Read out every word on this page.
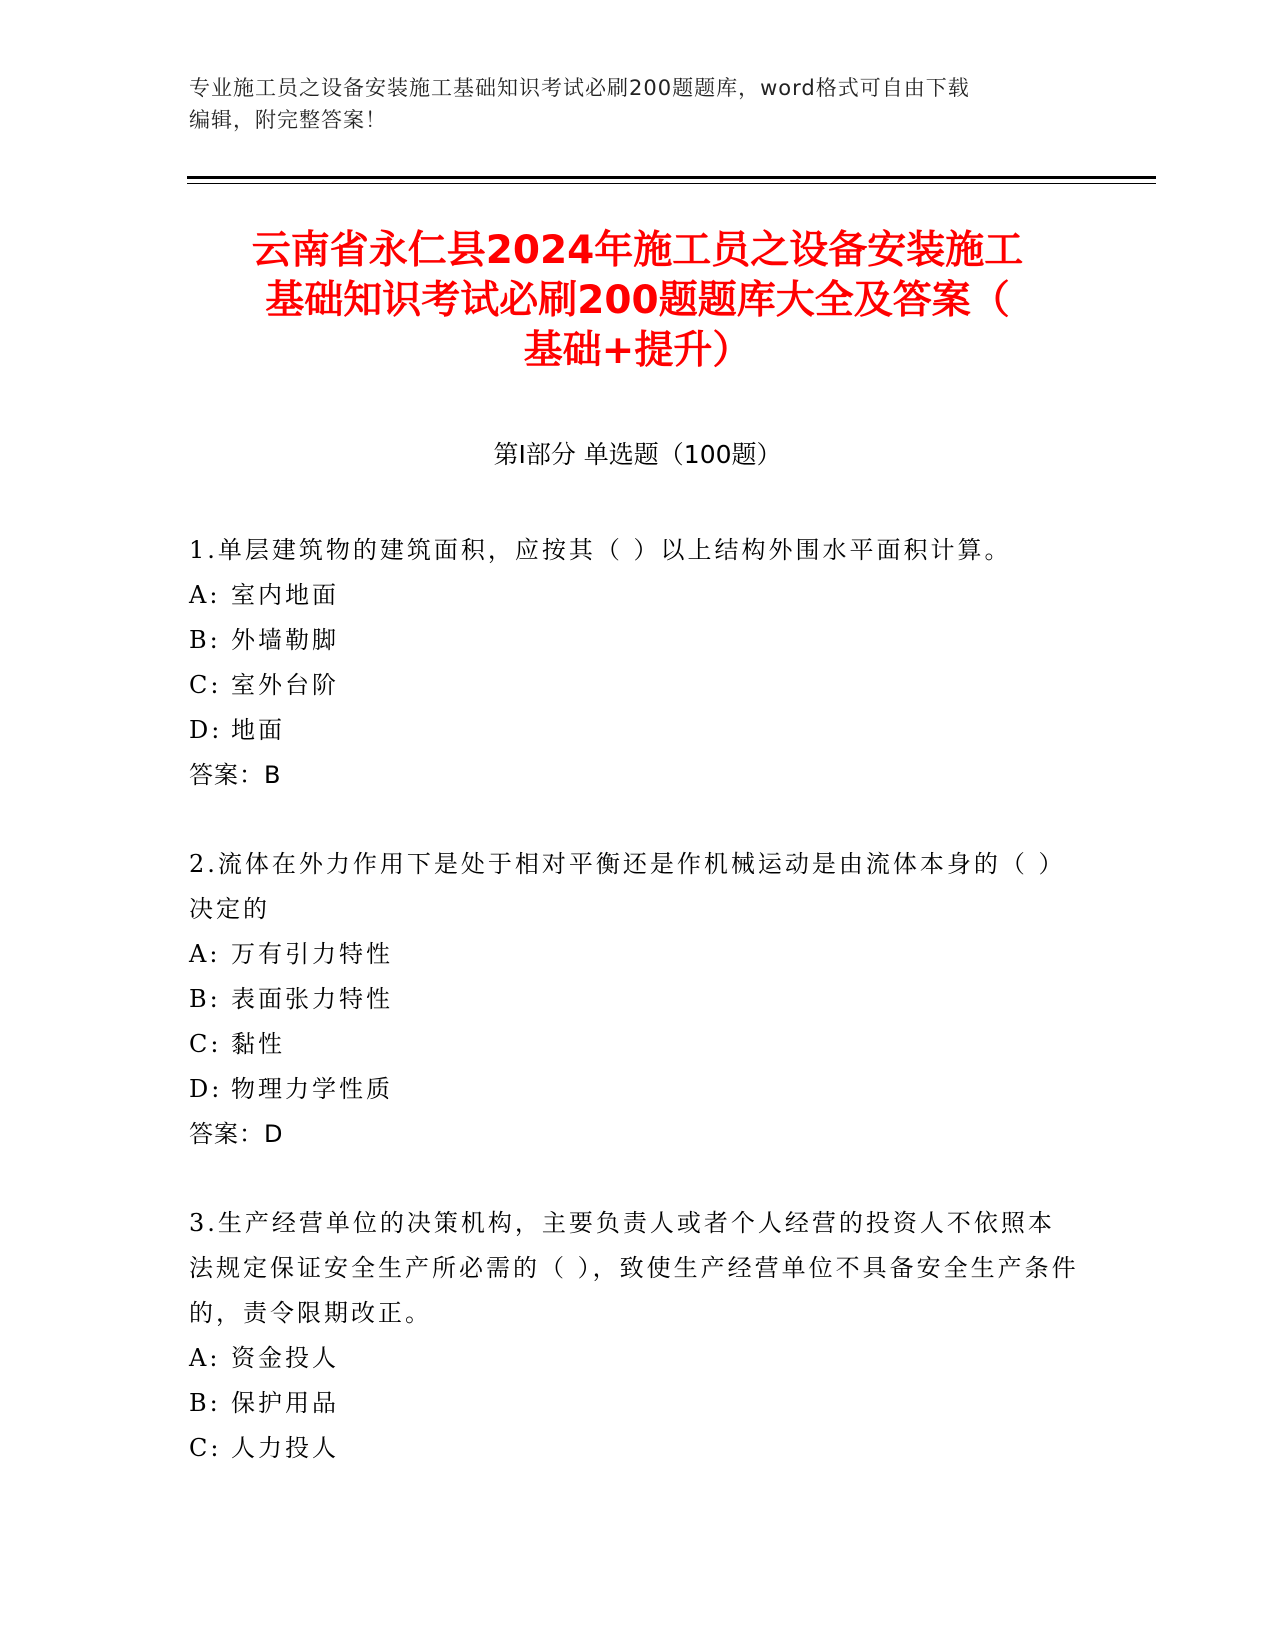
专业施工员之设备安装施工基础知识考试必刷200题题库，word格式可自由下载
编辑，附完整答案！
云南省永仁县2024年施工员之设备安装施工
基础知识考试必刷200题题库大全及答案（
基础+提升）
第Ⅰ部分 单选题（100题）
1.单层建筑物的建筑面积，应按其（ ）以上结构外围水平面积计算。
A: 室内地面
B: 外墙勒脚
C: 室外台阶
D: 地面
答案：B
2.流体在外力作用下是处于相对平衡还是作机械运动是由流体本身的（ ）决定的
A: 万有引力特性
B: 表面张力特性
C: 黏性
D: 物理力学性质
答案：D
3.生产经营单位的决策机构，主要负责人或者个人经营的投资人不依照本法规定保证安全生产所必需的（ ），致使生产经营单位不具备安全生产条件的，责令限期改正。
A: 资金投人
B: 保护用品
C: 人力投人
